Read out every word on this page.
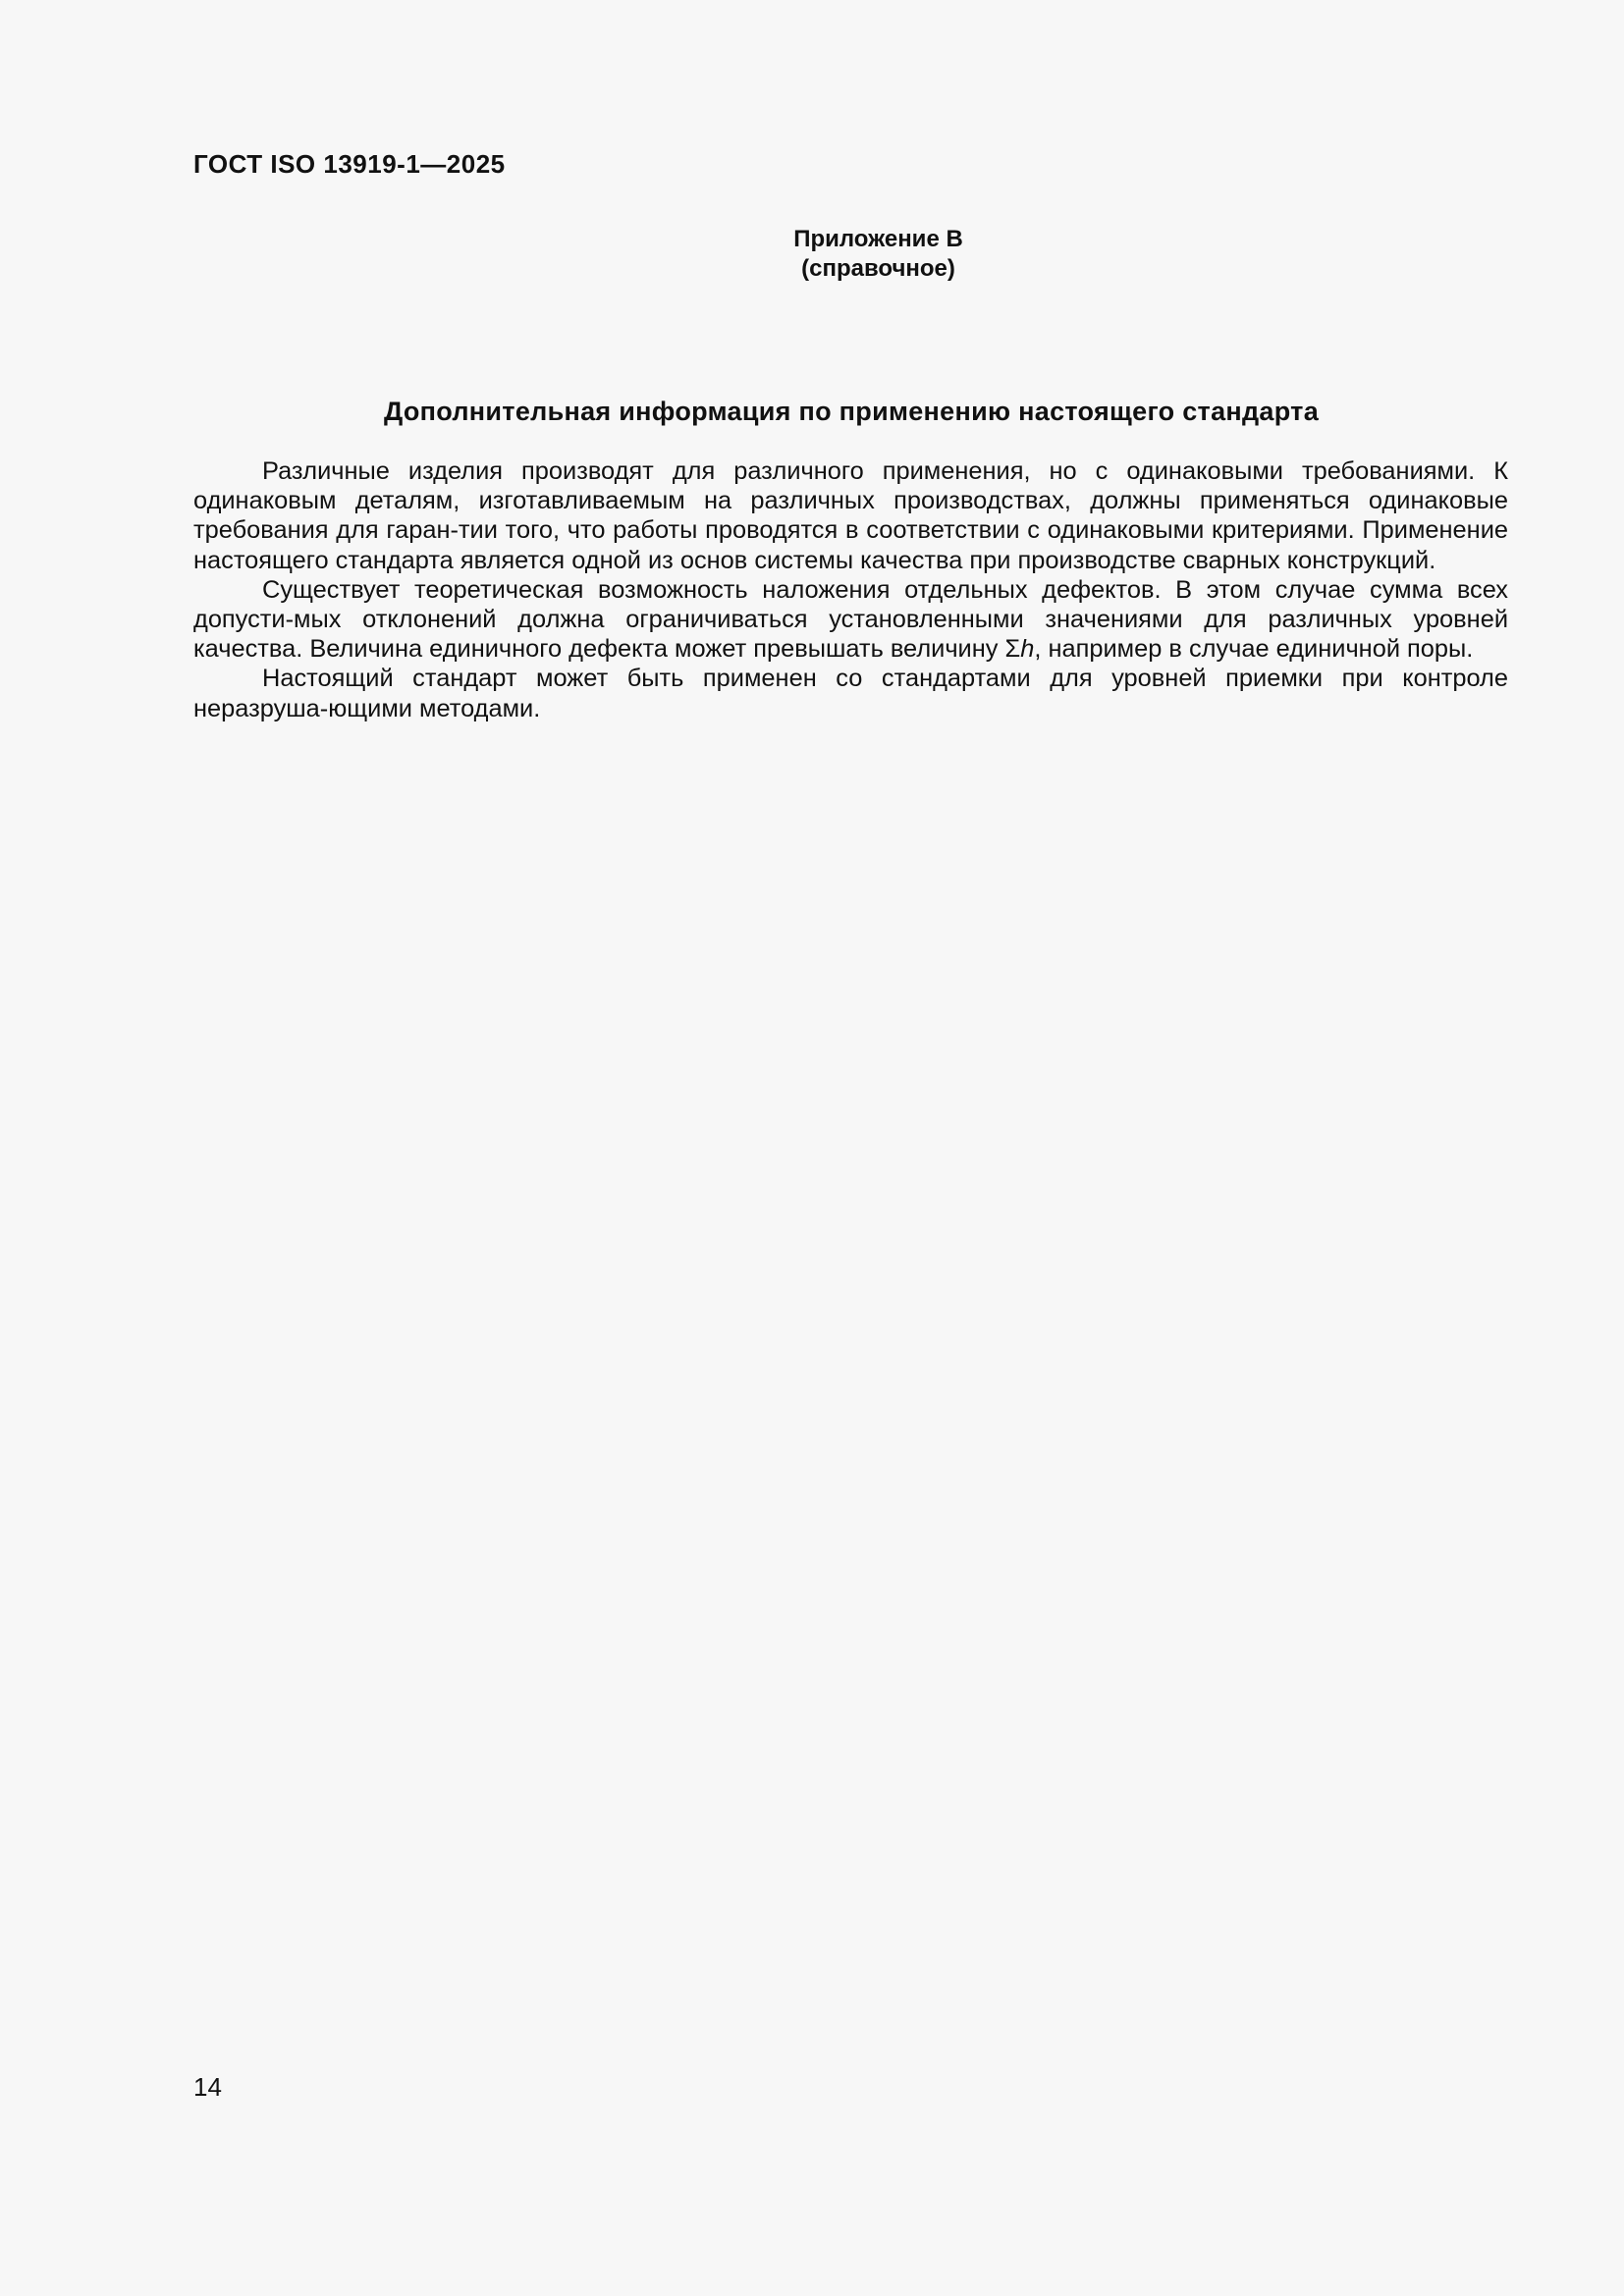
ГОСТ ISO 13919-1—2025
Приложение В
(справочное)
Дополнительная информация по применению настоящего стандарта

Различные изделия производят для различного применения, но с одинаковыми требованиями. К одинаковым деталям, изготавливаемым на различных производствах, должны применяться одинаковые требования для гаран-тии того, что работы проводятся в соответствии с одинаковыми критериями. Применение настоящего стандарта является одной из основ системы качества при производстве сварных конструкций.

Существует теоретическая возможность наложения отдельных дефектов. В этом случае сумма всех допусти-мых отклонений должна ограничиваться установленными значениями для различных уровней качества. Величина единичного дефекта может превышать величину Σh, например в случае единичной поры.

Настоящий стандарт может быть применен со стандартами для уровней приемки при контроле неразруша-ющими методами.

14
